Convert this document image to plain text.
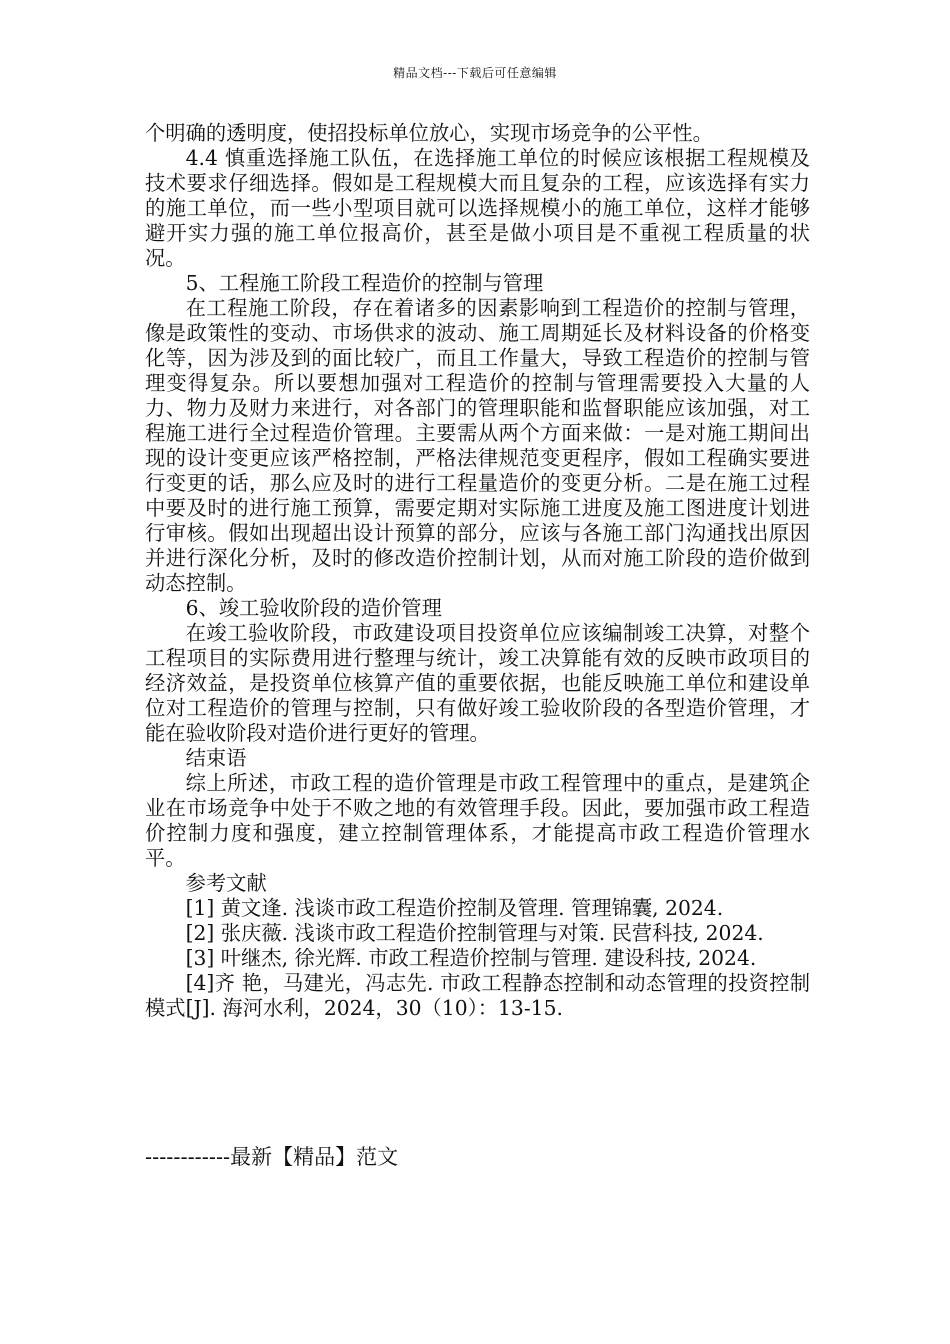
精品文档---下载后可任意编辑

个明确的透明度，使招投标单位放心，实现市场竞争的公平性。

4.4 慎重选择施工队伍，在选择施工单位的时候应该根据工程规模及技术要求仔细选择。假如是工程规模大而且复杂的工程，应该选择有实力的施工单位，而一些小型项目就可以选择规模小的施工单位，这样才能够避开实力强的施工单位报高价，甚至是做小项目是不重视工程质量的状况。

5、工程施工阶段工程造价的控制与管理

在工程施工阶段，存在着诸多的因素影响到工程造价的控制与管理，像是政策性的变动、市场供求的波动、施工周期延长及材料设备的价格变化等，因为涉及到的面比较广，而且工作量大，导致工程造价的控制与管理变得复杂。所以要想加强对工程造价的控制与管理需要投入大量的人力、物力及财力来进行，对各部门的管理职能和监督职能应该加强，对工程施工进行全过程造价管理。主要需从两个方面来做：一是对施工期间出现的设计变更应该严格控制，严格法律规范变更程序，假如工程确实要进行变更的话，那么应及时的进行工程量造价的变更分析。二是在施工过程中要及时的进行施工预算，需要定期对实际施工进度及施工图进度计划进行审核。假如出现超出设计预算的部分，应该与各施工部门沟通找出原因并进行深化分析，及时的修改造价控制计划，从而对施工阶段的造价做到动态控制。

6、竣工验收阶段的造价管理

在竣工验收阶段，市政建设项目投资单位应该编制竣工决算，对整个工程项目的实际费用进行整理与统计，竣工决算能有效的反映市政项目的经济效益，是投资单位核算产值的重要依据，也能反映施工单位和建设单位对工程造价的管理与控制，只有做好竣工验收阶段的各型造价管理，才能在验收阶段对造价进行更好的管理。

结束语

综上所述，市政工程的造价管理是市政工程管理中的重点，是建筑企业在市场竞争中处于不败之地的有效管理手段。因此，要加强市政工程造价控制力度和强度，建立控制管理体系，才能提高市政工程造价管理水平。

参考文献

[1] 黄文逢. 浅谈市政工程造价控制及管理. 管理锦囊, 2024.

[2] 张庆薇. 浅谈市政工程造价控制管理与对策. 民营科技, 2024.

[3] 叶继杰, 徐光辉. 市政工程造价控制与管理. 建设科技, 2024.

[4]齐 艳，马建光，冯志先. 市政工程静态控制和动态管理的投资控制模式[J]. 海河水利，2024，30（10）：13-15.

------------最新【精品】范文
